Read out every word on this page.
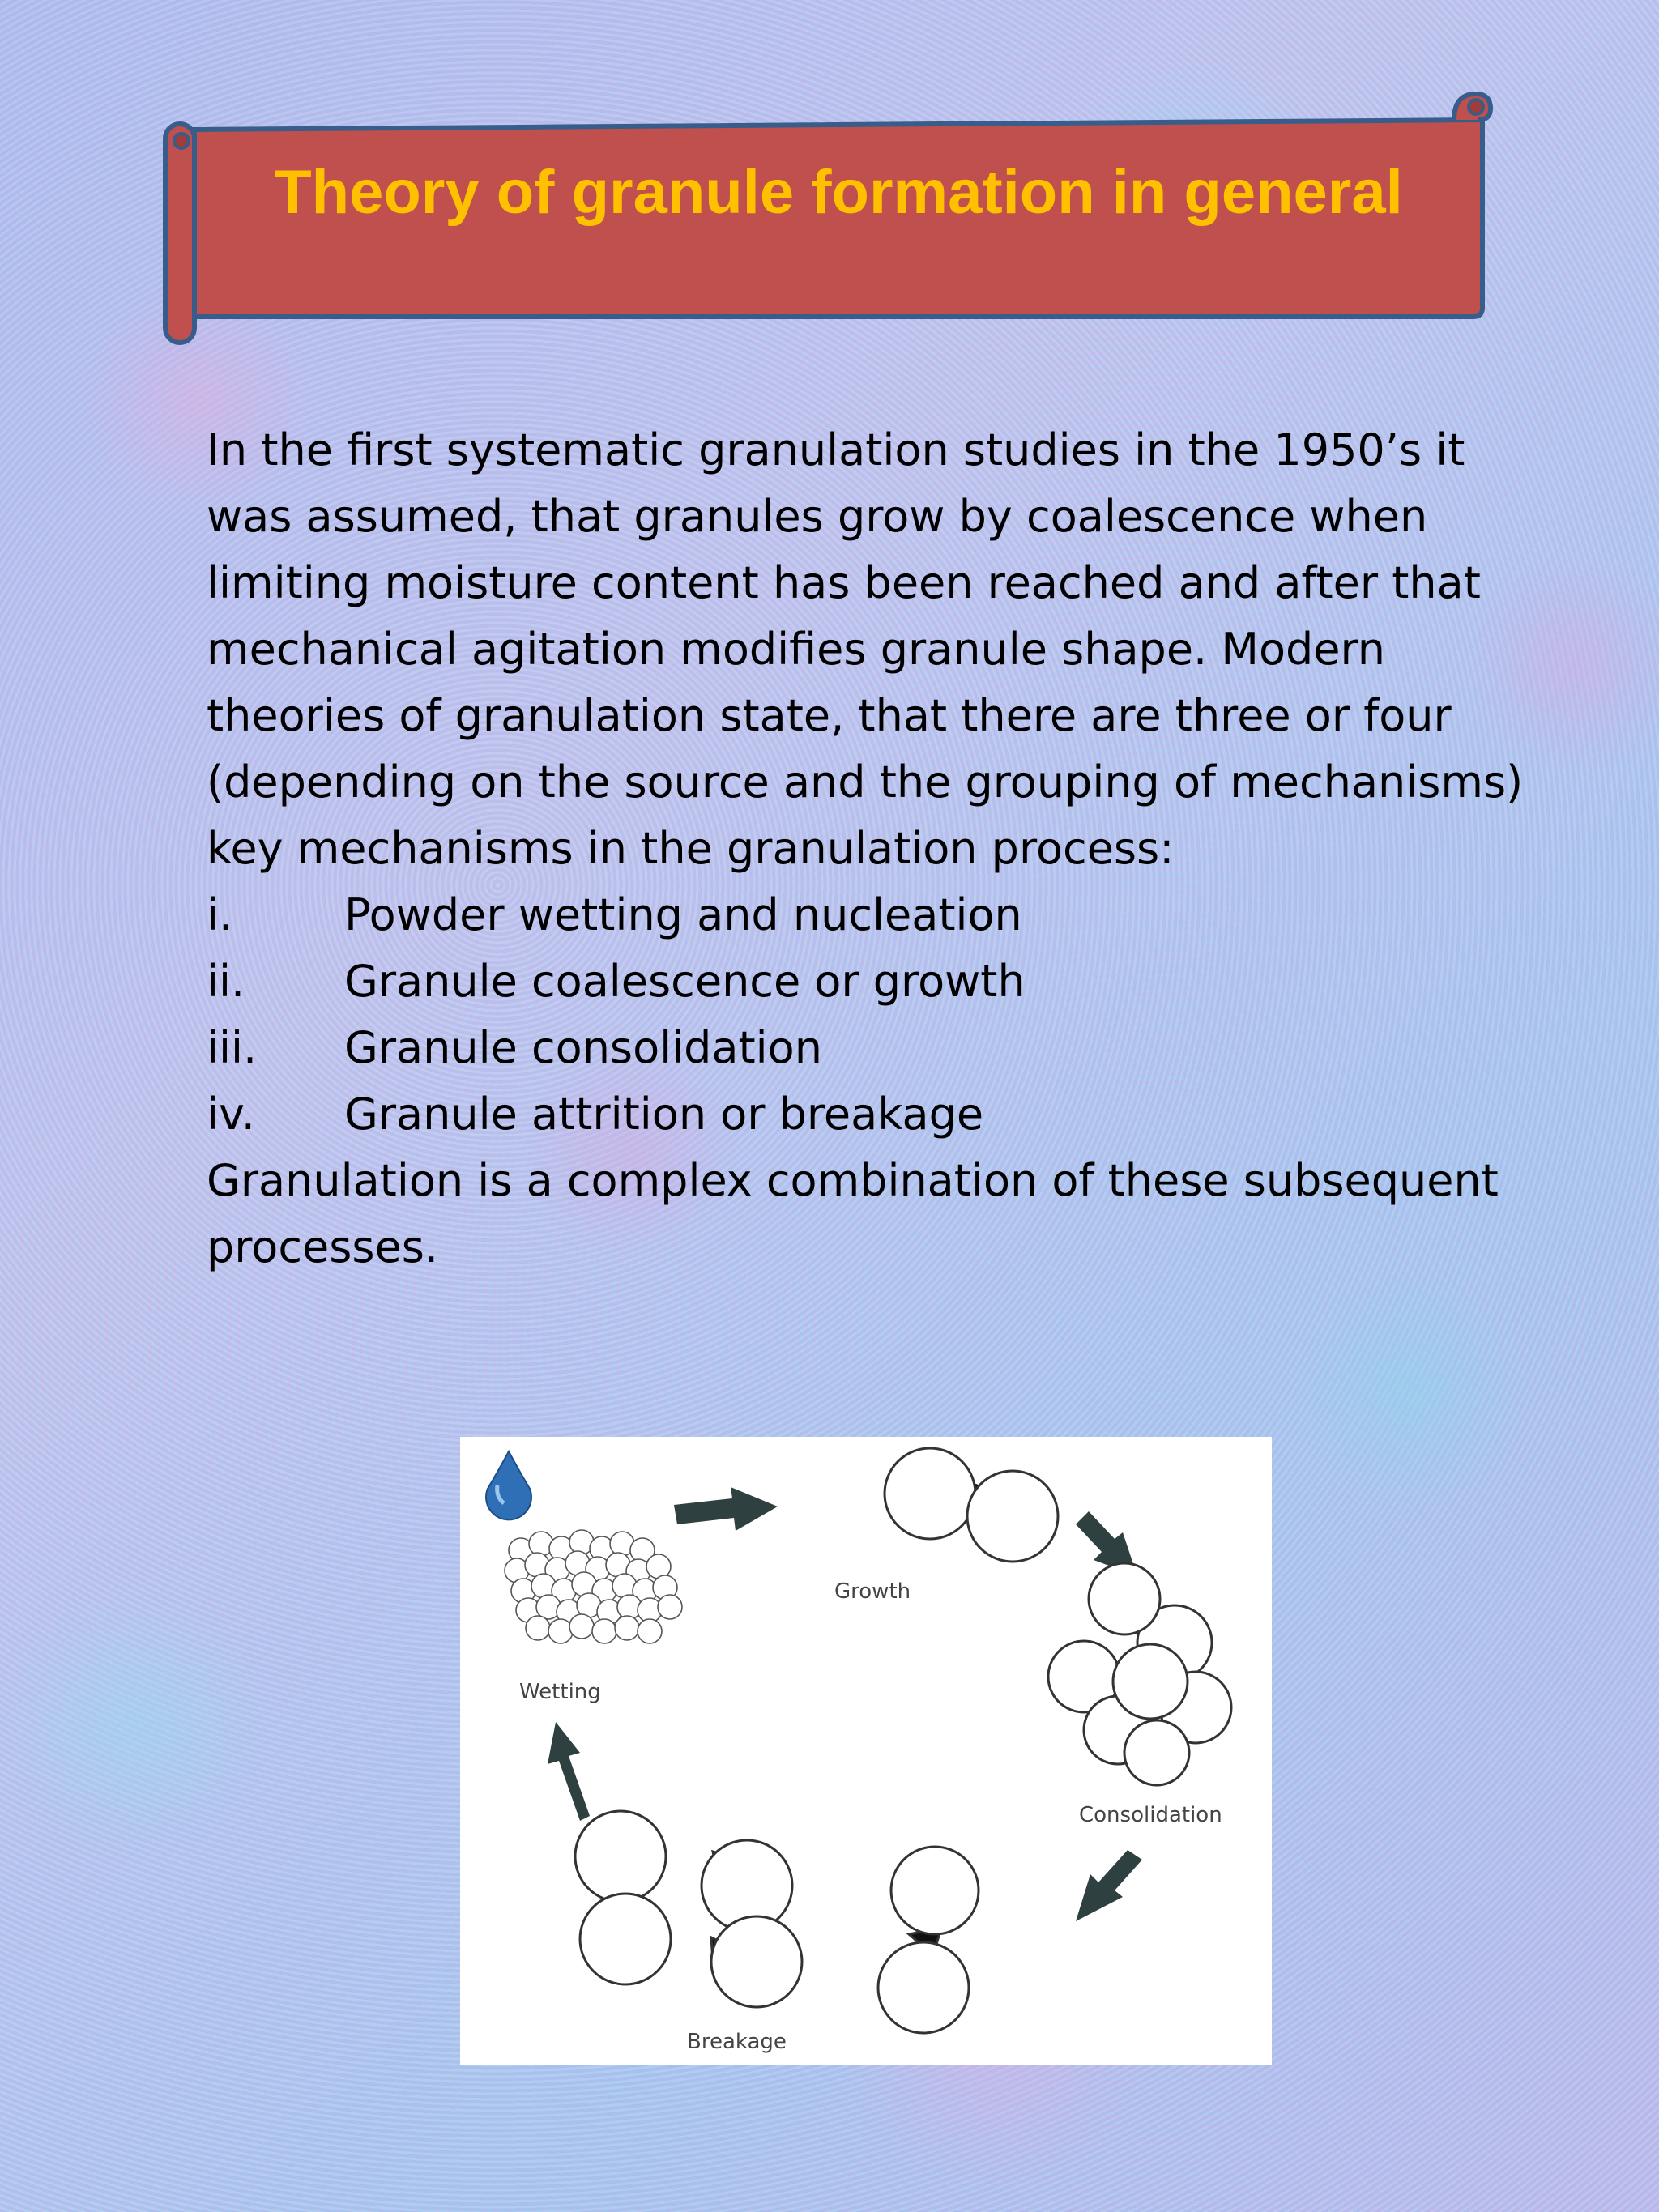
Theory of granule formation in general

In the first systematic granulation studies in the 1950’s it was assumed, that granules grow by coalescence when limiting moisture content has been reached and after that mechanical agitation modifies granule shape. Modern theories of granulation state, that there are three or four (depending on the source and the grouping of mechanisms) key mechanisms in the granulation process:

i.	Powder wetting and nucleation
ii.	Granule coalescence or growth
iii.	Granule consolidation
iv.	Granule attrition or breakage

Granulation is a complex combination of these subsequent processes.

Wetting
Growth
Consolidation
Breakage
